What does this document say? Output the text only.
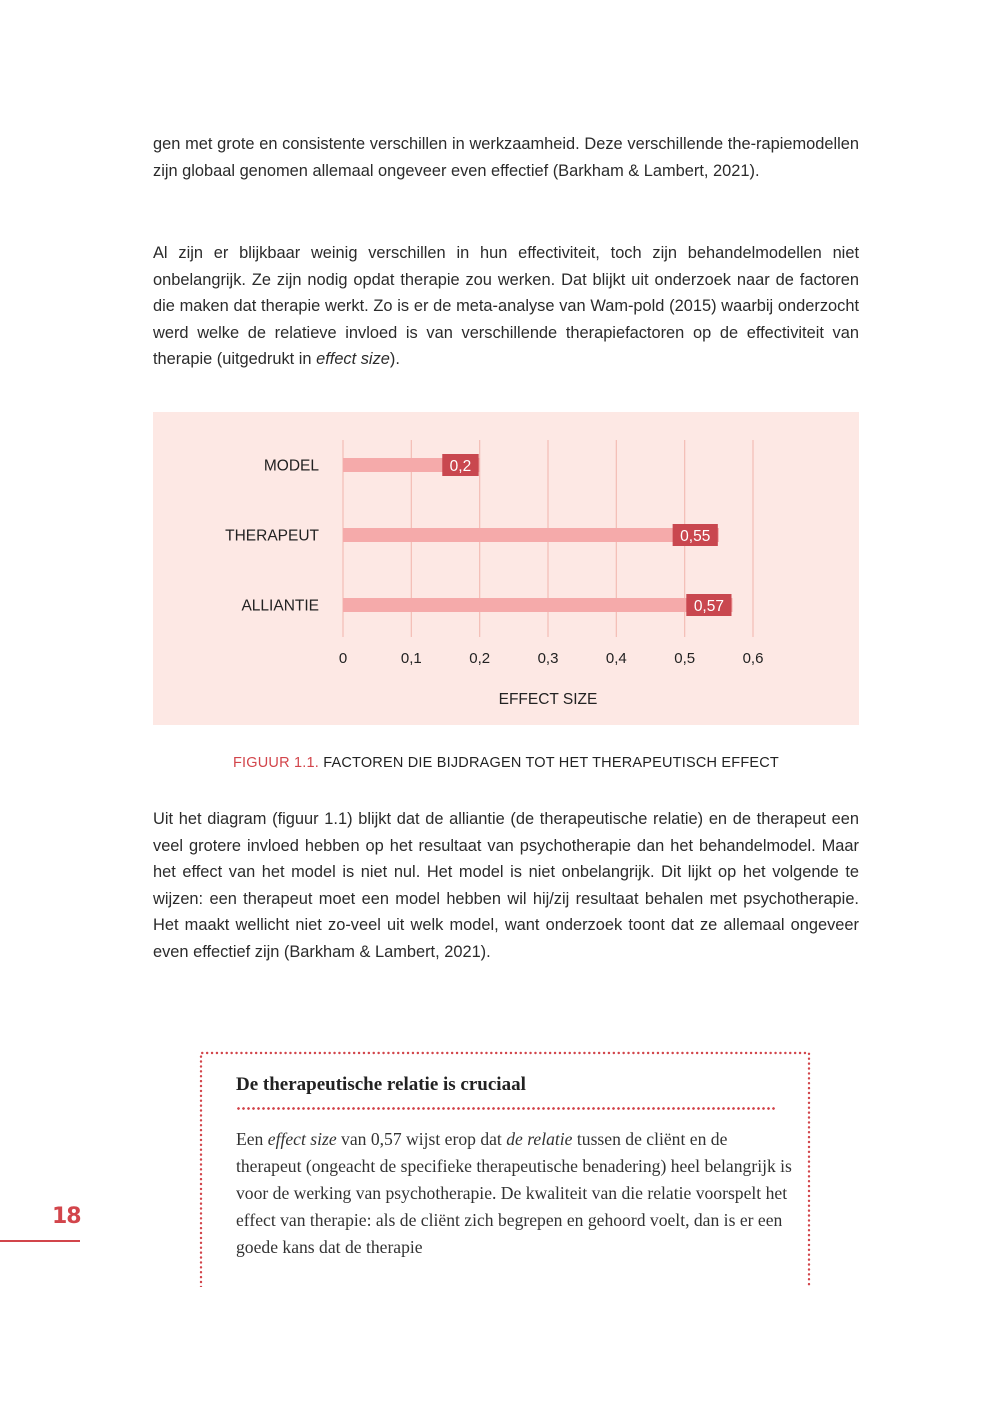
gen met grote en consistente verschillen in werkzaamheid. Deze verschillende the-rapiemodellen zijn globaal genomen allemaal ongeveer even effectief (Barkham & Lambert, 2021).

Al zijn er blijkbaar weinig verschillen in hun effectiviteit, toch zijn behandelmodellen niet onbelangrijk. Ze zijn nodig opdat therapie zou werken. Dat blijkt uit onderzoek naar de factoren die maken dat therapie werkt. Zo is er de meta-analyse van Wam-pold (2015) waarbij onderzocht werd welke de relatieve invloed is van verschillende therapiefactoren op de effectiviteit van therapie (uitgedrukt in effect size).

MODEL	0,2
THERAPEUT	0,55
ALLIANTIE	0,57
0	0,1	0,2	0,3	0,4	0,5	0,6
EFFECT SIZE
FIGUUR 1.1. FACTOREN DIE BIJDRAGEN TOT HET THERAPEUTISCH EFFECT

Uit het diagram (figuur 1.1) blijkt dat de alliantie (de therapeutische relatie) en de therapeut een veel grotere invloed hebben op het resultaat van psychotherapie dan het behandelmodel. Maar het effect van het model is niet nul. Het model is niet onbelangrijk. Dit lijkt op het volgende te wijzen: een therapeut moet een model hebben wil hij/zij resultaat behalen met psychotherapie. Het maakt wellicht niet zo-veel uit welk model, want onderzoek toont dat ze allemaal ongeveer even effectief zijn (Barkham & Lambert, 2021).

De therapeutische relatie is cruciaal

Een effect size van 0,57 wijst erop dat de relatie tussen de cliënt en de therapeut (ongeacht de specifieke therapeutische benadering) heel belangrijk is voor de werking van psychotherapie. De kwaliteit van die relatie voorspelt het effect van therapie: als de cliënt zich begrepen en gehoord voelt, dan is er een goede kans dat de therapie

18
